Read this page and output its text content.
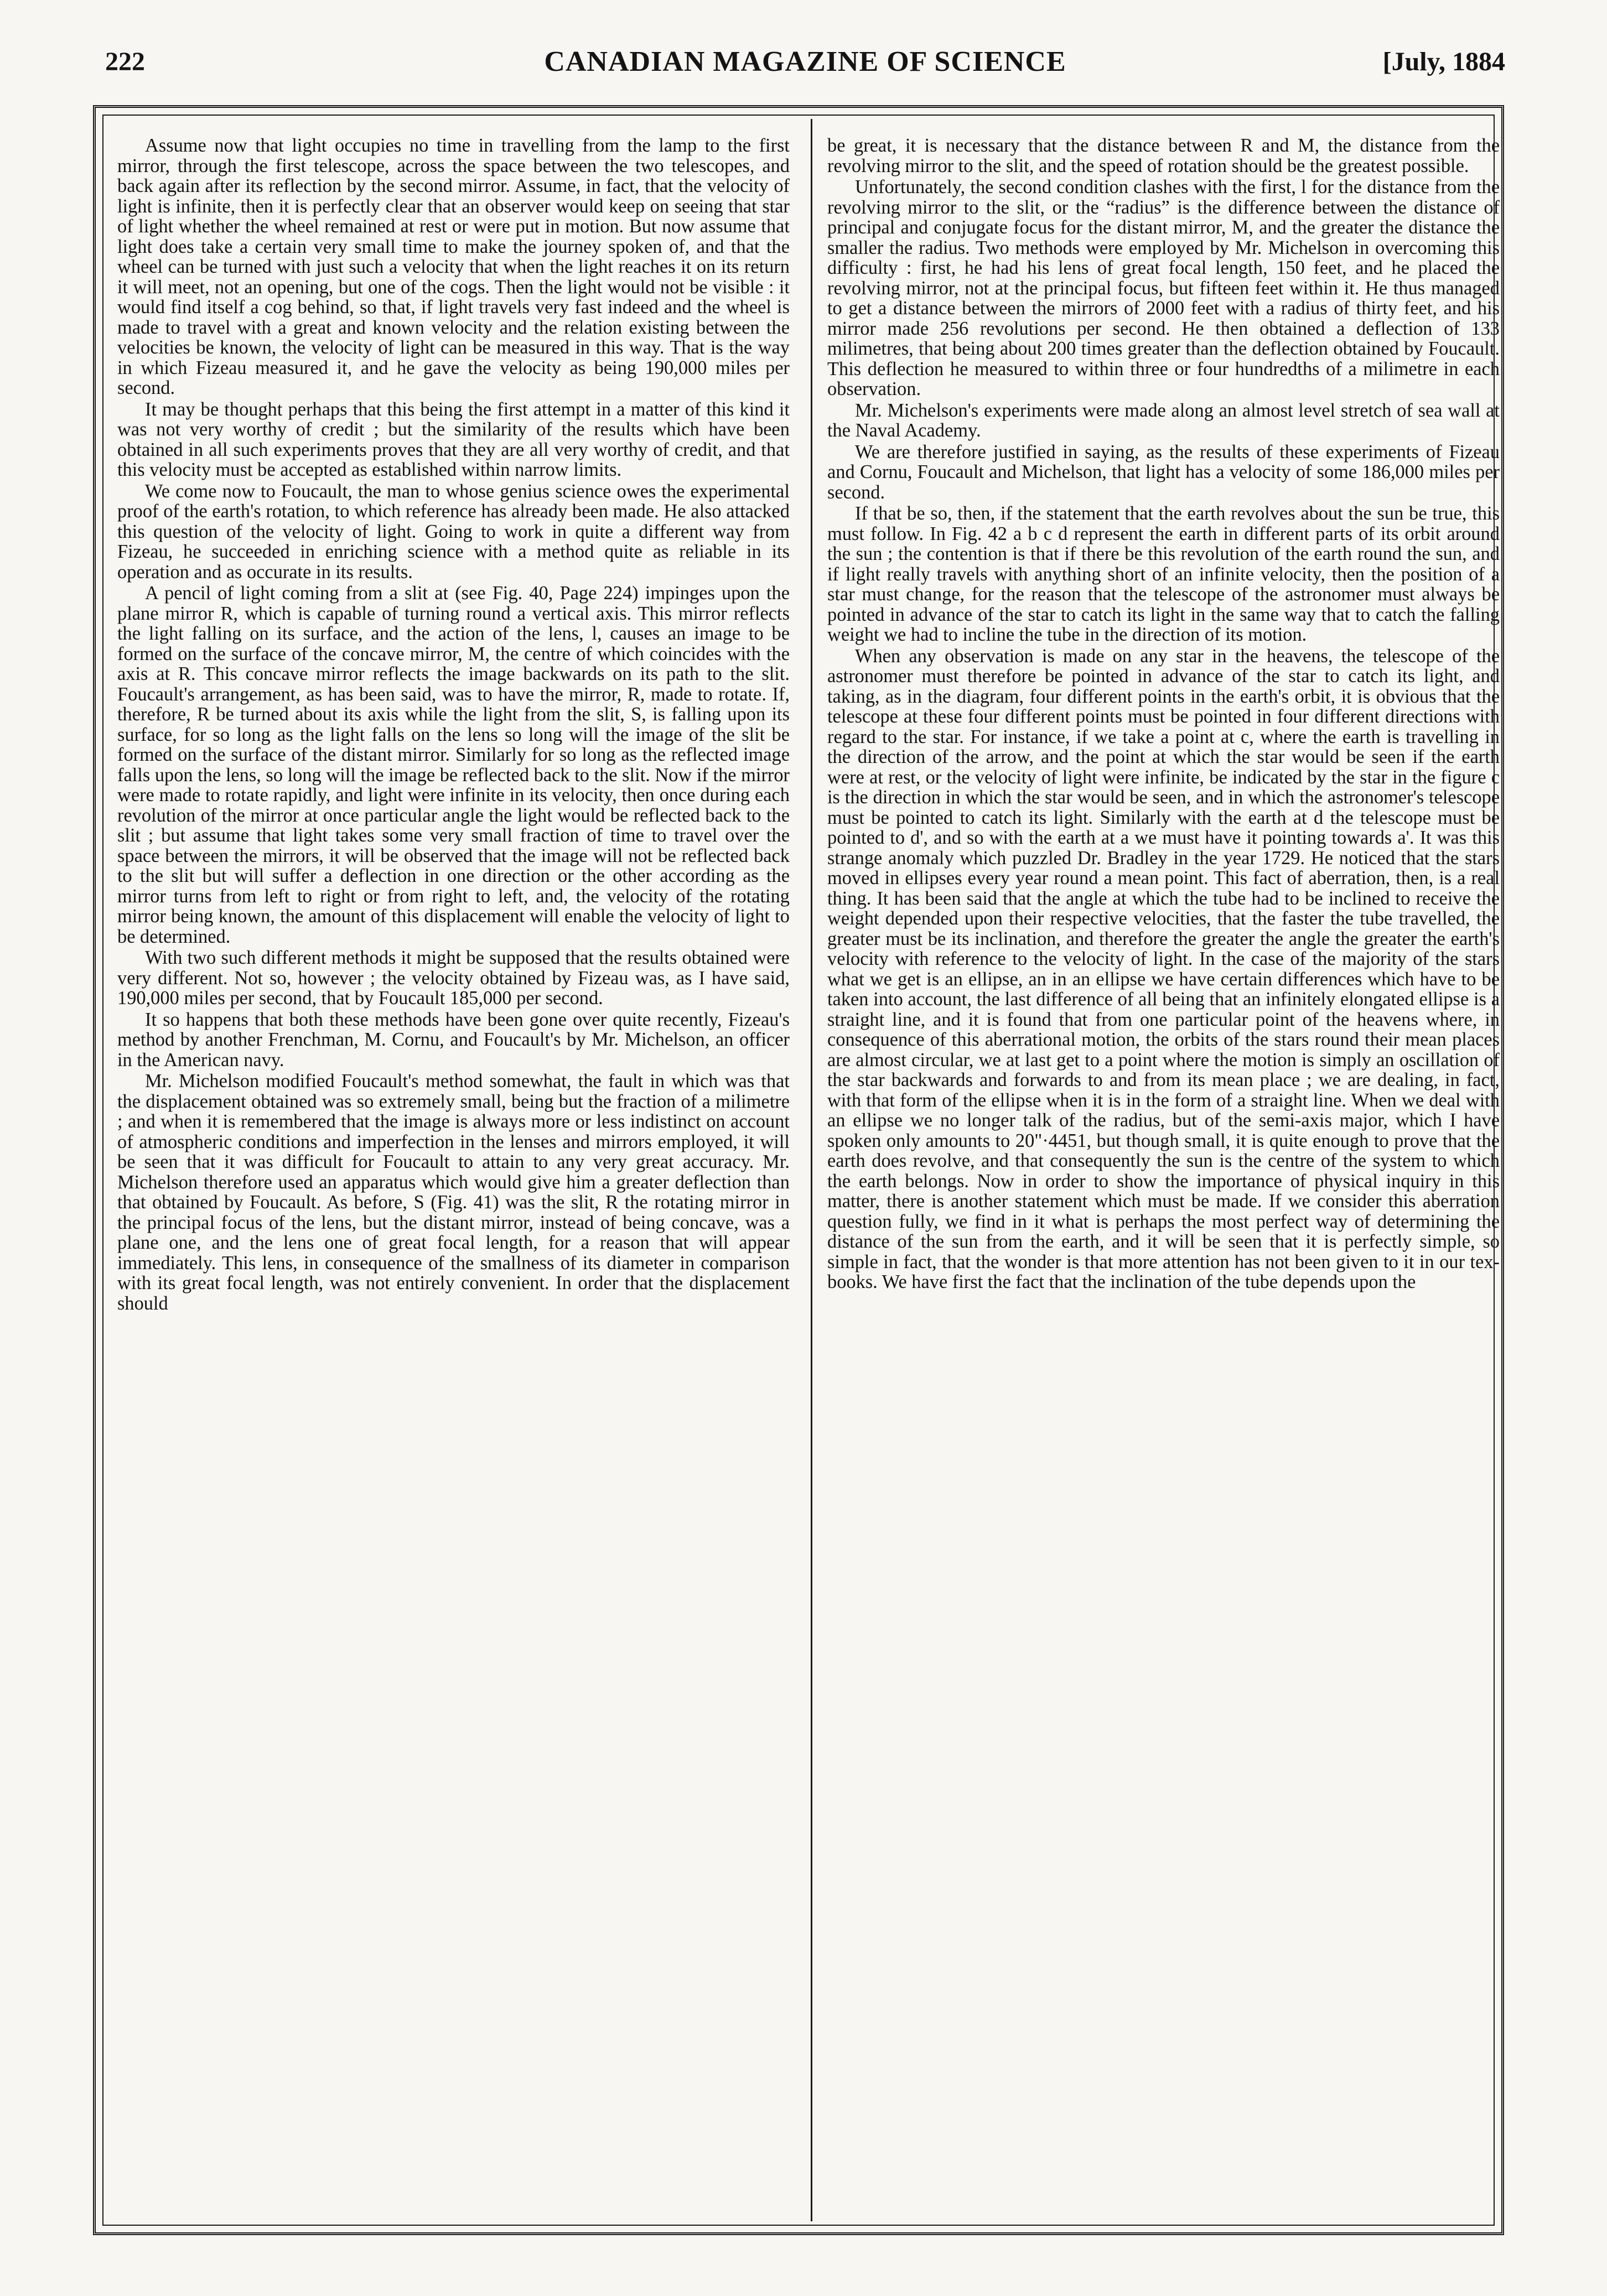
222	CANADIAN MAGAZINE OF SCIENCE	[July, 1884

Assume now that light occupies no time in travelling from the lamp to the first mirror, through the first telescope, across the space between the two telescopes, and back again after its reflection by the second mirror. Assume, in fact, that the velocity of light is infinite, then it is perfectly clear that an observer would keep on seeing that star of light whether the wheel remained at rest or were put in motion. But now assume that light does take a certain very small time to make the journey spoken of, and that the wheel can be turned with just such a velocity that when the light reaches it on its return it will meet, not an opening, but one of the cogs. Then the light would not be visible : it would find itself a cog behind, so that, if light travels very fast indeed and the wheel is made to travel with a great and known velocity and the relation existing between the velocities be known, the velocity of light can be measured in this way. That is the way in which Fizeau measured it, and he gave the velocity as being 190,000 miles per second.

It may be thought perhaps that this being the first attempt in a matter of this kind it was not very worthy of credit ; but the similarity of the results which have been obtained in all such experiments proves that they are all very worthy of credit, and that this velocity must be accepted as established within narrow limits.

We come now to Foucault, the man to whose genius science owes the experimental proof of the earth's rotation, to which reference has already been made. He also attacked this question of the velocity of light. Going to work in quite a different way from Fizeau, he succeeded in enriching science with a method quite as reliable in its operation and as occurate in its results.

A pencil of light coming from a slit at (see Fig. 40, Page 224) impinges upon the plane mirror R, which is capable of turning round a vertical axis. This mirror reflects the light falling on its surface, and the action of the lens, l, causes an image to be formed on the surface of the concave mirror, M, the centre of which coincides with the axis at R. This concave mirror reflects the image backwards on its path to the slit. Foucault's arrangement, as has been said, was to have the mirror, R, made to rotate. If, therefore, R be turned about its axis while the light from the slit, S, is falling upon its surface, for so long as the light falls on the lens so long will the image of the slit be formed on the surface of the distant mirror. Similarly for so long as the reflected image falls upon the lens, so long will the image be reflected back to the slit. Now if the mirror were made to rotate rapidly, and light were infinite in its velocity, then once during each revolution of the mirror at once particular angle the light would be reflected back to the slit ; but assume that light takes some very small fraction of time to travel over the space between the mirrors, it will be observed that the image will not be reflected back to the slit but will suffer a deflection in one direction or the other according as the mirror turns from left to right or from right to left, and, the velocity of the rotating mirror being known, the amount of this displacement will enable the velocity of light to be determined.

With two such different methods it might be supposed that the results obtained were very different. Not so, however ; the velocity obtained by Fizeau was, as I have said, 190,000 miles per second, that by Foucault 185,000 per second.

It so happens that both these methods have been gone over quite recently, Fizeau's method by another Frenchman, M. Cornu, and Foucault's by Mr. Michelson, an officer in the American navy.

Mr. Michelson modified Foucault's method somewhat, the fault in which was that the displacement obtained was so extremely small, being but the fraction of a milimetre ; and when it is remembered that the image is always more or less indistinct on account of atmospheric conditions and imperfection in the lenses and mirrors employed, it will be seen that it was difficult for Foucault to attain to any very great accuracy. Mr. Michelson therefore used an apparatus which would give him a greater deflection than that obtained by Foucault. As before, S (Fig. 41) was the slit, R the rotating mirror in the principal focus of the lens, but the distant mirror, instead of being concave, was a plane one, and the lens one of great focal length, for a reason that will appear immediately. This lens, in consequence of the smallness of its diameter in comparison with its great focal length, was not entirely convenient. In order that the displacement should

be great, it is necessary that the distance between R and M, the distance from the revolving mirror to the slit, and the speed of rotation should be the greatest possible.

Unfortunately, the second condition clashes with the first, l for the distance from the revolving mirror to the slit, or the “radius” is the difference between the distance of principal and conjugate focus for the distant mirror, M, and the greater the distance the smaller the radius. Two methods were employed by Mr. Michelson in overcoming this difficulty : first, he had his lens of great focal length, 150 feet, and he placed the revolving mirror, not at the principal focus, but fifteen feet within it. He thus managed to get a distance between the mirrors of 2000 feet with a radius of thirty feet, and his mirror made 256 revolutions per second. He then obtained a deflection of 133 milimetres, that being about 200 times greater than the deflection obtained by Foucault. This deflection he measured to within three or four hundredths of a milimetre in each observation.

Mr. Michelson's experiments were made along an almost level stretch of sea wall at the Naval Academy.

We are therefore justified in saying, as the results of these experiments of Fizeau and Cornu, Foucault and Michelson, that light has a velocity of some 186,000 miles per second.

If that be so, then, if the statement that the earth revolves about the sun be true, this must follow. In Fig. 42 a b c d represent the earth in different parts of its orbit around the sun ; the contention is that if there be this revolution of the earth round the sun, and if light really travels with anything short of an infinite velocity, then the position of a star must change, for the reason that the telescope of the astronomer must always be pointed in advance of the star to catch its light in the same way that to catch the falling weight we had to incline the tube in the direction of its motion.

When any observation is made on any star in the heavens, the telescope of the astronomer must therefore be pointed in advance of the star to catch its light, and taking, as in the diagram, four different points in the earth's orbit, it is obvious that the telescope at these four different points must be pointed in four different directions with regard to the star. For instance, if we take a point at c, where the earth is travelling in the direction of the arrow, and the point at which the star would be seen if the earth were at rest, or the velocity of light were infinite, be indicated by the star in the figure c is the direction in which the star would be seen, and in which the astronomer's telescope must be pointed to catch its light. Similarly with the earth at d the telescope must be pointed to d', and so with the earth at a we must have it pointing towards a'. It was this strange anomaly which puzzled Dr. Bradley in the year 1729. He noticed that the stars moved in ellipses every year round a mean point. This fact of aberration, then, is a real thing. It has been said that the angle at which the tube had to be inclined to receive the weight depended upon their respective velocities, that the faster the tube travelled, the greater must be its inclination, and therefore the greater the angle the greater the earth's velocity with reference to the velocity of light. In the case of the majority of the stars what we get is an ellipse, an in an ellipse we have certain differences which have to be taken into account, the last difference of all being that an infinitely elongated ellipse is a straight line, and it is found that from one particular point of the heavens where, in consequence of this aberrational motion, the orbits of the stars round their mean places are almost circular, we at last get to a point where the motion is simply an oscillation of the star backwards and forwards to and from its mean place ; we are dealing, in fact, with that form of the ellipse when it is in the form of a straight line. When we deal with an ellipse we no longer talk of the radius, but of the semi-axis major, which I have spoken only amounts to 20"·4451, but though small, it is quite enough to prove that the earth does revolve, and that consequently the sun is the centre of the system to which the earth belongs. Now in order to show the importance of physical inquiry in this matter, there is another statement which must be made. If we consider this aberration question fully, we find in it what is perhaps the most perfect way of determining the distance of the sun from the earth, and it will be seen that it is perfectly simple, so simple in fact, that the wonder is that more attention has not been given to it in our tex-books. We have first the fact that the inclination of the tube depends upon the
